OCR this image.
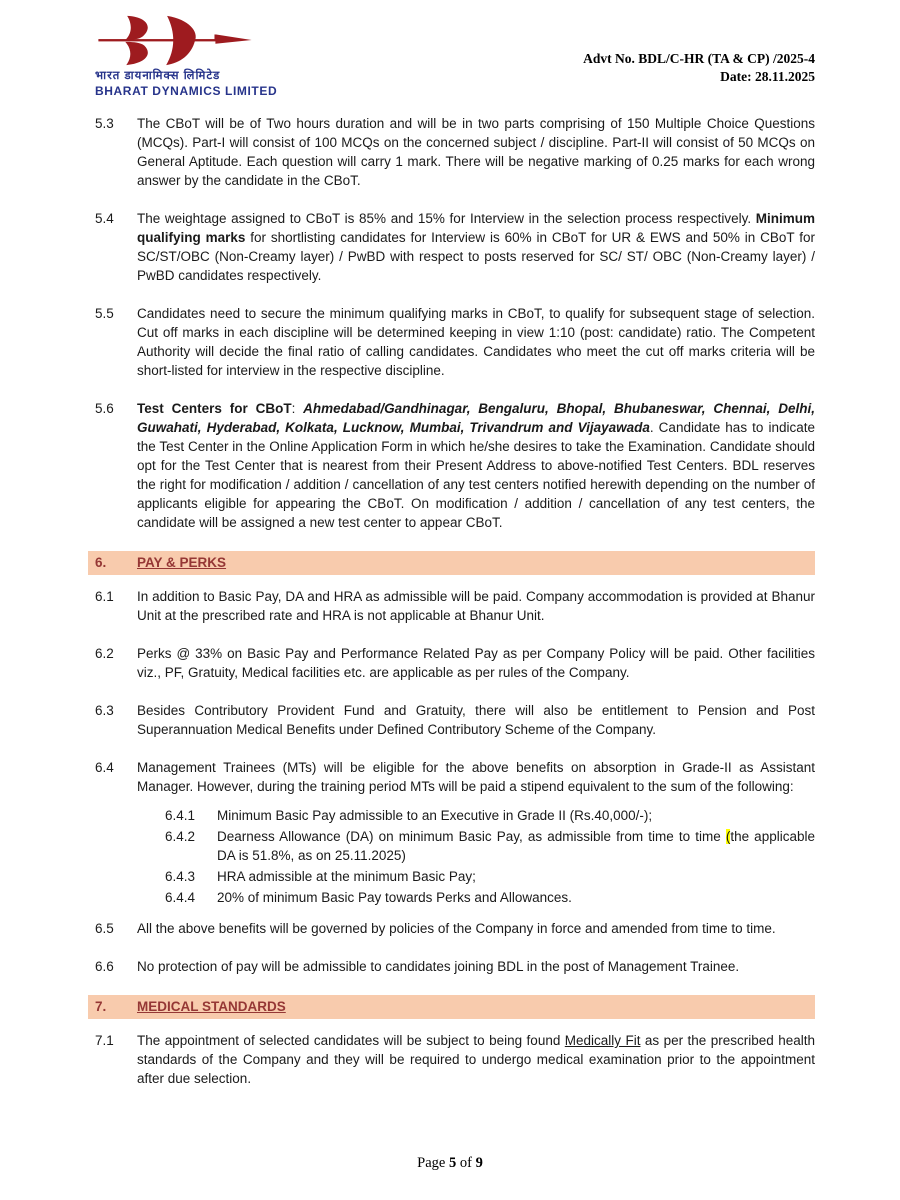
भारत डायनामिक्स लिमिटेड
BHARAT DYNAMICS LIMITED
Advt No. BDL/C-HR (TA & CP) /2025-4
Date: 28.11.2025
5.3	The CBoT will be of Two hours duration and will be in two parts comprising of 150 Multiple Choice Questions (MCQs). Part-I will consist of 100 MCQs on the concerned subject / discipline. Part-II will consist of 50 MCQs on General Aptitude. Each question will carry 1 mark. There will be negative marking of 0.25 marks for each wrong answer by the candidate in the CBoT.
5.4	The weightage assigned to CBoT is 85% and 15% for Interview in the selection process respectively. Minimum qualifying marks for shortlisting candidates for Interview is 60% in CBoT for UR & EWS and 50% in CBoT for SC/ST/OBC (Non-Creamy layer) / PwBD with respect to posts reserved for SC/ ST/ OBC (Non-Creamy layer) / PwBD candidates respectively.
5.5	Candidates need to secure the minimum qualifying marks in CBoT, to qualify for subsequent stage of selection. Cut off marks in each discipline will be determined keeping in view 1:10 (post: candidate) ratio. The Competent Authority will decide the final ratio of calling candidates. Candidates who meet the cut off marks criteria will be short-listed for interview in the respective discipline.
5.6	Test Centers for CBoT: Ahmedabad/Gandhinagar, Bengaluru, Bhopal, Bhubaneswar, Chennai, Delhi, Guwahati, Hyderabad, Kolkata, Lucknow, Mumbai, Trivandrum and Vijayawada. Candidate has to indicate the Test Center in the Online Application Form in which he/she desires to take the Examination. Candidate should opt for the Test Center that is nearest from their Present Address to above-notified Test Centers. BDL reserves the right for modification / addition / cancellation of any test centers notified herewith depending on the number of applicants eligible for appearing the CBoT. On modification / addition / cancellation of any test centers, the candidate will be assigned a new test center to appear CBoT.
6.	PAY & PERKS
6.1	In addition to Basic Pay, DA and HRA as admissible will be paid. Company accommodation is provided at Bhanur Unit at the prescribed rate and HRA is not applicable at Bhanur Unit.
6.2	Perks @ 33% on Basic Pay and Performance Related Pay as per Company Policy will be paid. Other facilities viz., PF, Gratuity, Medical facilities etc. are applicable as per rules of the Company.
6.3	Besides Contributory Provident Fund and Gratuity, there will also be entitlement to Pension and Post Superannuation Medical Benefits under Defined Contributory Scheme of the Company.
6.4	Management Trainees (MTs) will be eligible for the above benefits on absorption in Grade-II as Assistant Manager. However, during the training period MTs will be paid a stipend equivalent to the sum of the following:
6.4.1	Minimum Basic Pay admissible to an Executive in Grade II (Rs.40,000/-);
6.4.2	Dearness Allowance (DA) on minimum Basic Pay, as admissible from time to time (the applicable DA is 51.8%, as on 25.11.2025)
6.4.3	HRA admissible at the minimum Basic Pay;
6.4.4	20% of minimum Basic Pay towards Perks and Allowances.
6.5	All the above benefits will be governed by policies of the Company in force and amended from time to time.
6.6	No protection of pay will be admissible to candidates joining BDL in the post of Management Trainee.
7.	MEDICAL STANDARDS
7.1	The appointment of selected candidates will be subject to being found Medically Fit as per the prescribed health standards of the Company and they will be required to undergo medical examination prior to the appointment after due selection.
Page 5 of 9
